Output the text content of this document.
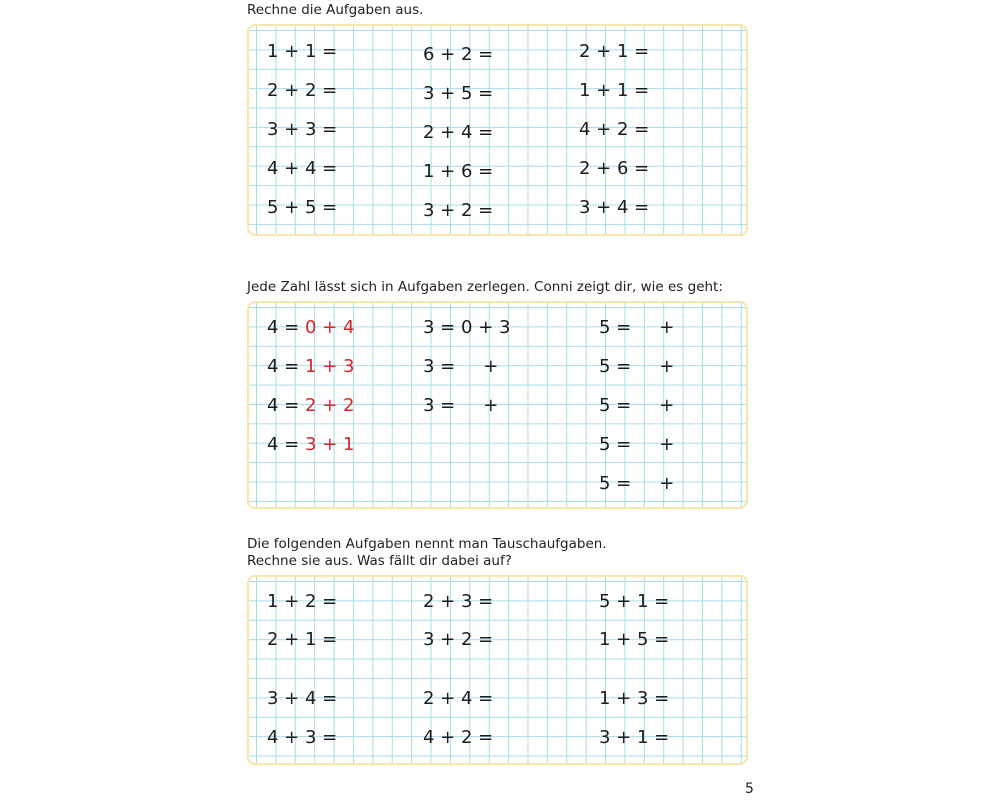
Rechne die Aufgaben aus.

1 + 1 =
2 + 2 =
3 + 3 =
4 + 4 =
5 + 5 =
6 + 2 =
3 + 5 =
2 + 4 =
1 + 6 =
3 + 2 =
2 + 1 =
1 + 1 =
4 + 2 =
2 + 6 =
3 + 4 =

Jede Zahl lässt sich in Aufgaben zerlegen. Conni zeigt dir, wie es geht:

4 = 0 + 4
4 = 1 + 3
4 = 2 + 2
4 = 3 + 1
3 = 0 + 3
3 = +
3 = +
5 = +
5 = +
5 = +
5 = +
5 = +

Die folgenden Aufgaben nennt man Tauschaufgaben.
Rechne sie aus. Was fällt dir dabei auf?

1 + 2 =
2 + 1 =
3 + 4 =
4 + 3 =
2 + 3 =
3 + 2 =
2 + 4 =
4 + 2 =
5 + 1 =
1 + 5 =
1 + 3 =
3 + 1 =
5
